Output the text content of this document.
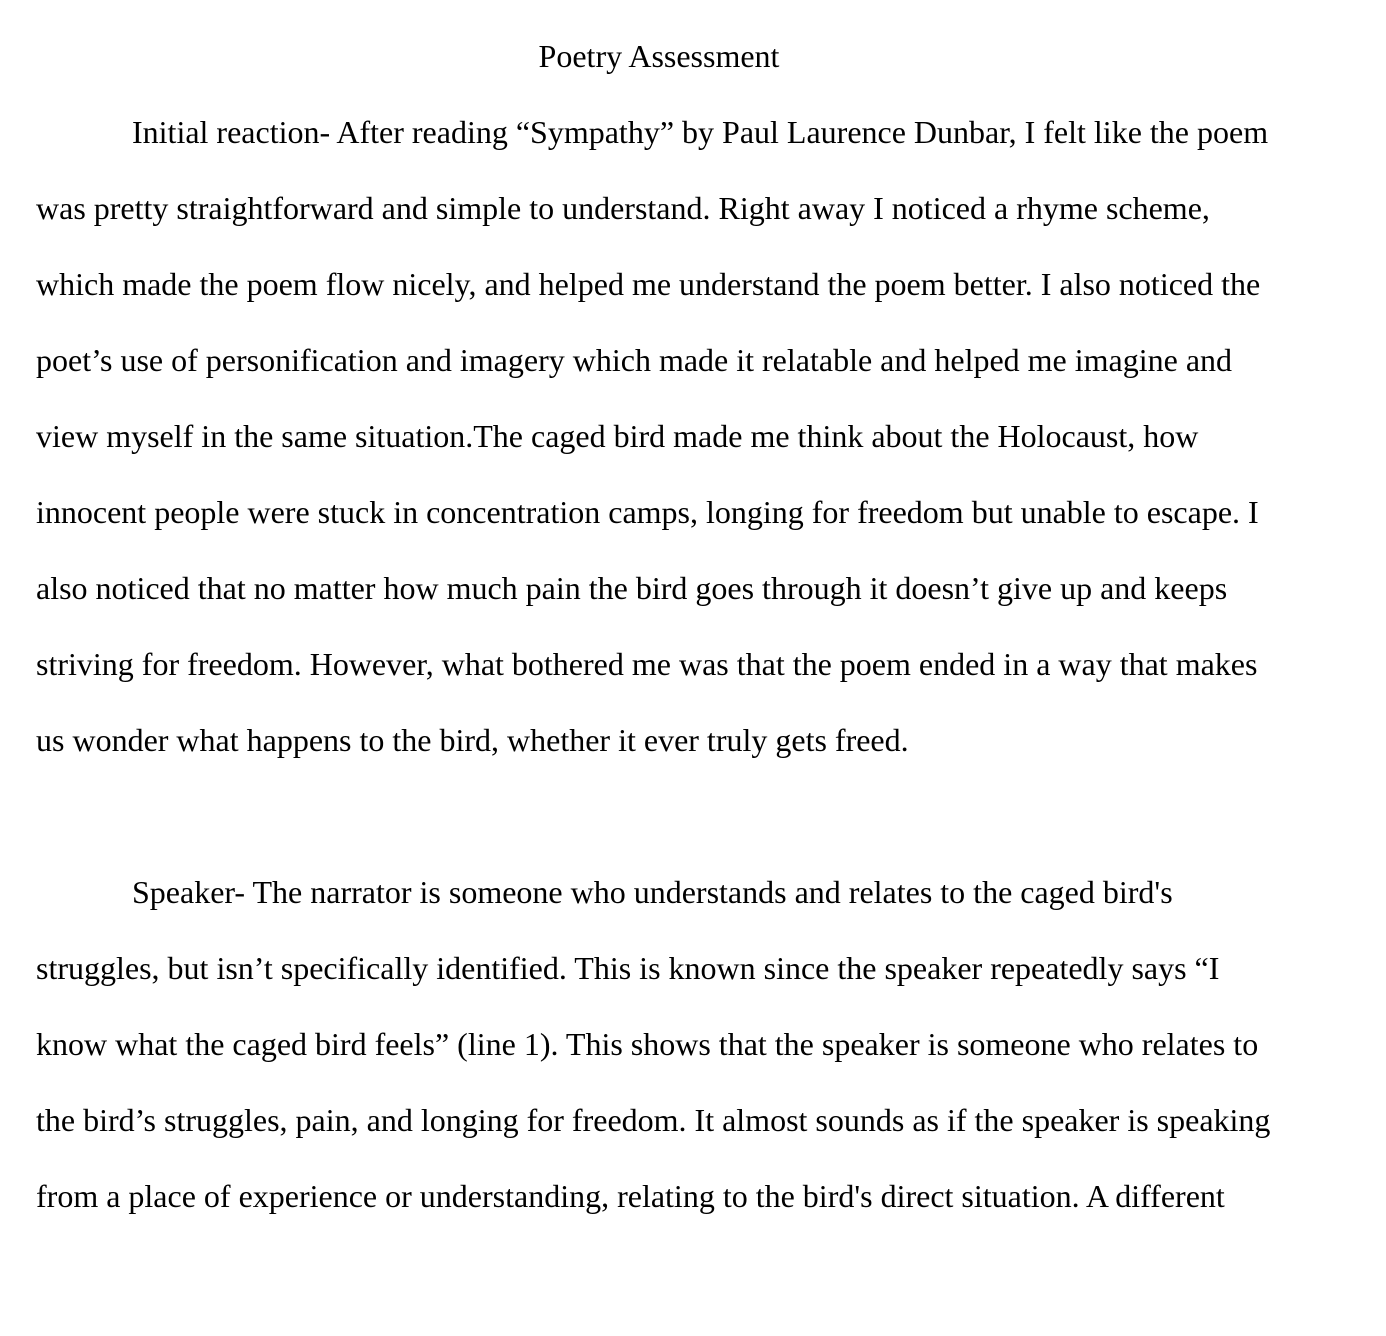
Poetry Assessment
Initial reaction- After reading “Sympathy” by Paul Laurence Dunbar, I felt like the poem
was pretty straightforward and simple to understand. Right away I noticed a rhyme scheme,
which made the poem flow nicely, and helped me understand the poem better. I also noticed the
poet’s use of personification and imagery which made it relatable and helped me imagine and
view myself in the same situation.The caged bird made me think about the Holocaust, how
innocent people were stuck in concentration camps, longing for freedom but unable to escape. I
also noticed that no matter how much pain the bird goes through it doesn’t give up and keeps
striving for freedom. However, what bothered me was that the poem ended in a way that makes
us wonder what happens to the bird, whether it ever truly gets freed.
Speaker- The narrator is someone who understands and relates to the caged bird's
struggles, but isn’t specifically identified. This is known since the speaker repeatedly says “I
know what the caged bird feels” (line 1). This shows that the speaker is someone who relates to
the bird’s struggles, pain, and longing for freedom. It almost sounds as if the speaker is speaking
from a place of experience or understanding, relating to the bird's direct situation. A different
